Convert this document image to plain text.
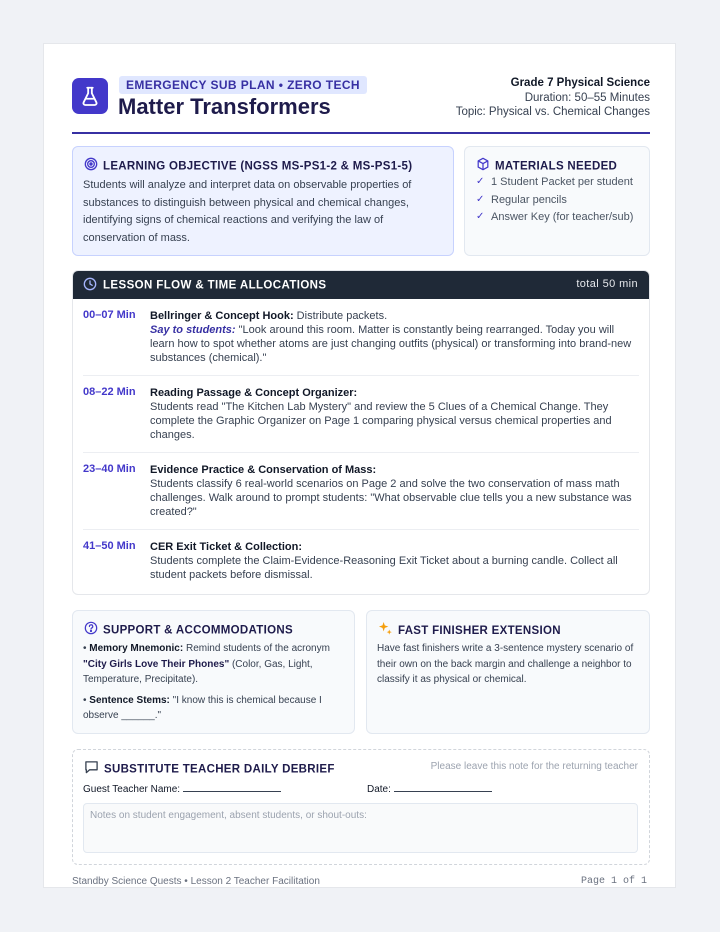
EMERGENCY SUB PLAN • ZERO TECH
Matter Transformers
Grade 7 Physical Science
Duration: 50–55 Minutes
Topic: Physical vs. Chemical Changes
LEARNING OBJECTIVE (NGSS MS-PS1-2 & MS-PS1-5)
Students will analyze and interpret data on observable properties of substances to distinguish between physical and chemical changes, identifying signs of chemical reactions and verifying the law of conservation of mass.
MATERIALS NEEDED
✓ 1 Student Packet per student
✓ Regular pencils
✓ Answer Key (for teacher/sub)
LESSON FLOW & TIME ALLOCATIONS	total 50 min
00–07 Min Bellringer & Concept Hook: Distribute packets.
Say to students: "Look around this room. Matter is constantly being rearranged. Today you will learn how to spot whether atoms are just changing outfits (physical) or transforming into brand-new substances (chemical)."
08–22 Min Reading Passage & Concept Organizer:
Students read "The Kitchen Lab Mystery" and review the 5 Clues of a Chemical Change. They complete the Graphic Organizer on Page 1 comparing physical versus chemical properties and changes.
23–40 Min Evidence Practice & Conservation of Mass:
Students classify 6 real-world scenarios on Page 2 and solve the two conservation of mass math challenges. Walk around to prompt students: "What observable clue tells you a new substance was created?"
41–50 Min CER Exit Ticket & Collection:
Students complete the Claim-Evidence-Reasoning Exit Ticket about a burning candle. Collect all student packets before dismissal.
SUPPORT & ACCOMMODATIONS
• Memory Mnemonic: Remind students of the acronym "City Girls Love Their Phones" (Color, Gas, Light, Temperature, Precipitate).
• Sentence Stems: "I know this is chemical because I observe ______."
FAST FINISHER EXTENSION
Have fast finishers write a 3-sentence mystery scenario of their own on the back margin and challenge a neighbor to classify it as physical or chemical.
SUBSTITUTE TEACHER DAILY DEBRIEF	Please leave this note for the returning teacher
Guest Teacher Name:	Date:
Notes on student engagement, absent students, or shout-outs:
Standby Science Quests • Lesson 2 Teacher Facilitation	Page 1 of 1
